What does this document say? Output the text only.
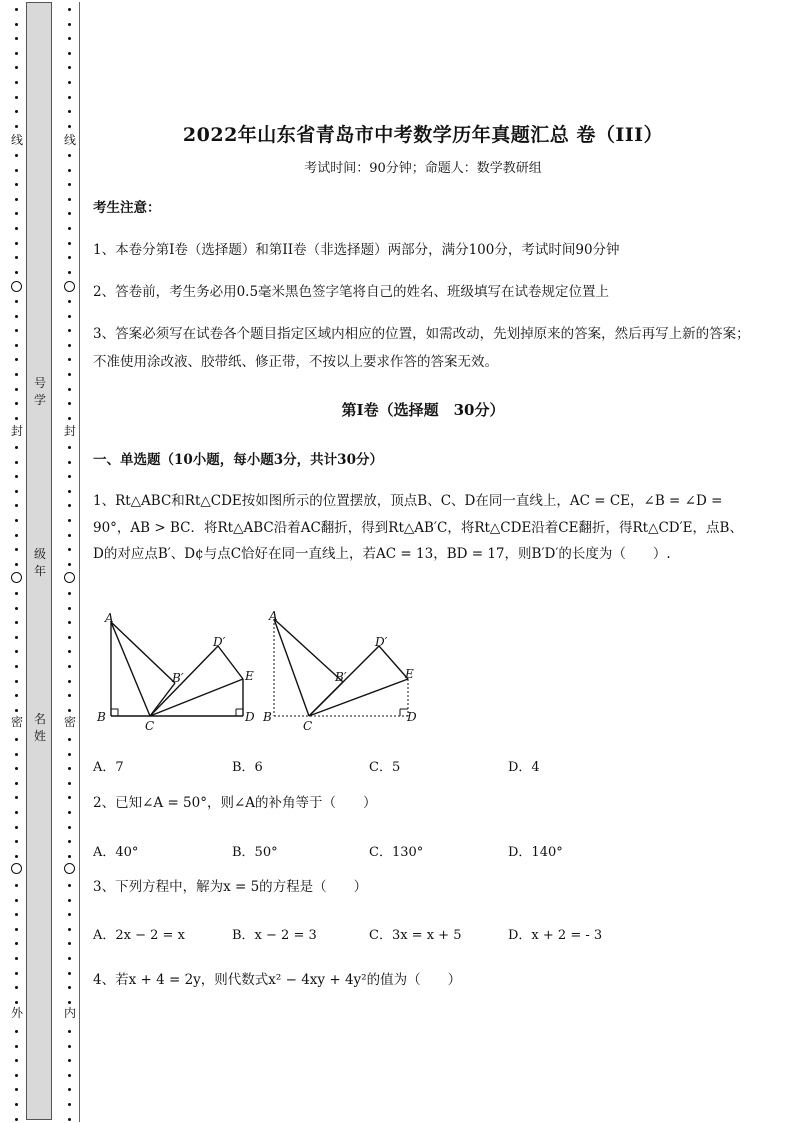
线
封
密
外
号
学
级
年
名
姓
线
封
密
内
2022年山东省青岛市中考数学历年真题汇总 卷（III）
考试时间：90分钟；命题人：数学教研组
考生注意：
1、本卷分第I卷（选择题）和第II卷（非选择题）两部分，满分100分，考试时间90分钟
2、答卷前，考生务必用0.5毫米黑色签字笔将自己的姓名、班级填写在试卷规定位置上
3、答案必须写在试卷各个题目指定区域内相应的位置，如需改动，先划掉原来的答案，然后再写上新的答案；不准使用涂改液、胶带纸、修正带，不按以上要求作答的答案无效。
第I卷（选择题　30分）
一、单选题（10小题，每小题3分，共计30分）
1、Rt△ABC和Rt△CDE按如图所示的位置摆放，顶点B、C、D在同一直线上，AC = CE，∠B = ∠D = 90°，AB > BC．将Rt△ABC沿着AC翻折，得到Rt△AB′C，将Rt△CDE沿着CE翻折，得Rt△CD′E，点B、D的对应点B′、D¢与点C恰好在同一直线上，若AC = 13，BD = 17，则B′D′的长度为（　　）.
A
B′
D′
E
B
C
D
A
B′
D′
E
B
C
D
A．7	B．6	C．5	D．4
2、已知∠A = 50°，则∠A的补角等于（　　）
A．40°	B．50°	C．130°	D．140°
3、下列方程中，解为x = 5的方程是（　　）
A．2x − 2 = x	B．x − 2 = 3	C．3x = x + 5	D．x + 2 = - 3
4、若x + 4 = 2y，则代数式x² − 4xy + 4y²的值为（　　）
